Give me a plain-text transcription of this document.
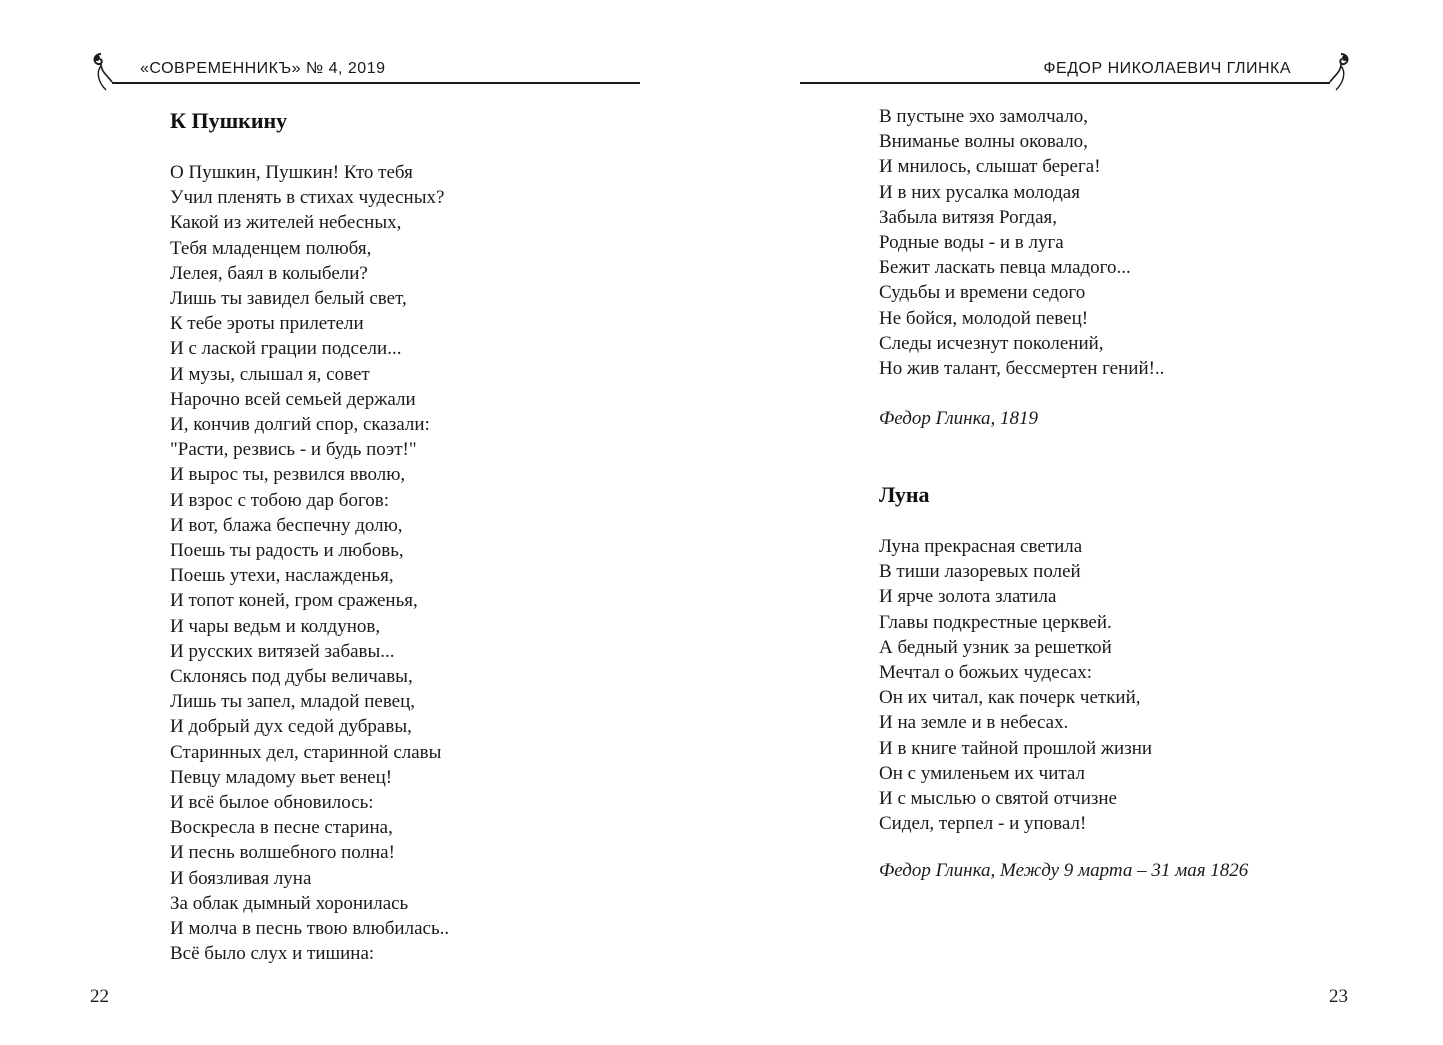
«СОВРЕМЕННИКЪ» № 4, 2019
К Пушкину
О Пушкин, Пушкин! Кто тебя
Учил пленять в стихах чудесных?
Какой из жителей небесных,
Тебя младенцем полюбя,
Лелея, баял в колыбели?
Лишь ты завидел белый свет,
К тебе эроты прилетели
И с лаской грации подсели...
И музы, слышал я, совет
Нарочно всей семьей держали
И, кончив долгий спор, сказали:
"Расти, резвись - и будь поэт!"
И вырос ты, резвился вволю,
И взрос с тобою дар богов:
И вот, блажа беспечну долю,
Поешь ты радость и любовь,
Поешь утехи, наслажденья,
И топот коней, гром сраженья,
И чары ведьм и колдунов,
И русских витязей забавы...
Склонясь под дубы величавы,
Лишь ты запел, младой певец,
И добрый дух седой дубравы,
Старинных дел, старинной славы
Певцу младому вьет венец!
И всё былое обновилось:
Воскресла в песне старина,
И песнь волшебного полна!
И боязливая луна
За облак дымный хоронилась
И молча в песнь твою влюбилась..
Всё было слух и тишина:
22
ФЕДОР НИКОЛАЕВИЧ ГЛИНКА
В пустыне эхо замолчало,
Вниманье волны оковало,
И мнилось, слышат берега!
И в них русалка молодая
Забыла витязя Рогдая,
Родные воды - и в луга
Бежит ласкать певца младого...
Судьбы и времени седого
Не бойся, молодой певец!
Следы исчезнут поколений,
Но жив талант, бессмертен гений!..
Федор Глинка, 1819
Луна
Луна прекрасная светила
В тиши лазоревых полей
И ярче золота златила
Главы подкрестные церквей.
А бедный узник за решеткой
Мечтал о божьих чудесах:
Он их читал, как почерк четкий,
И на земле и в небесах.
И в книге тайной прошлой жизни
Он с умиленьем их читал
И с мыслью о святой отчизне
Сидел, терпел - и уповал!
Федор Глинка, Между 9 марта – 31 мая 1826
23
